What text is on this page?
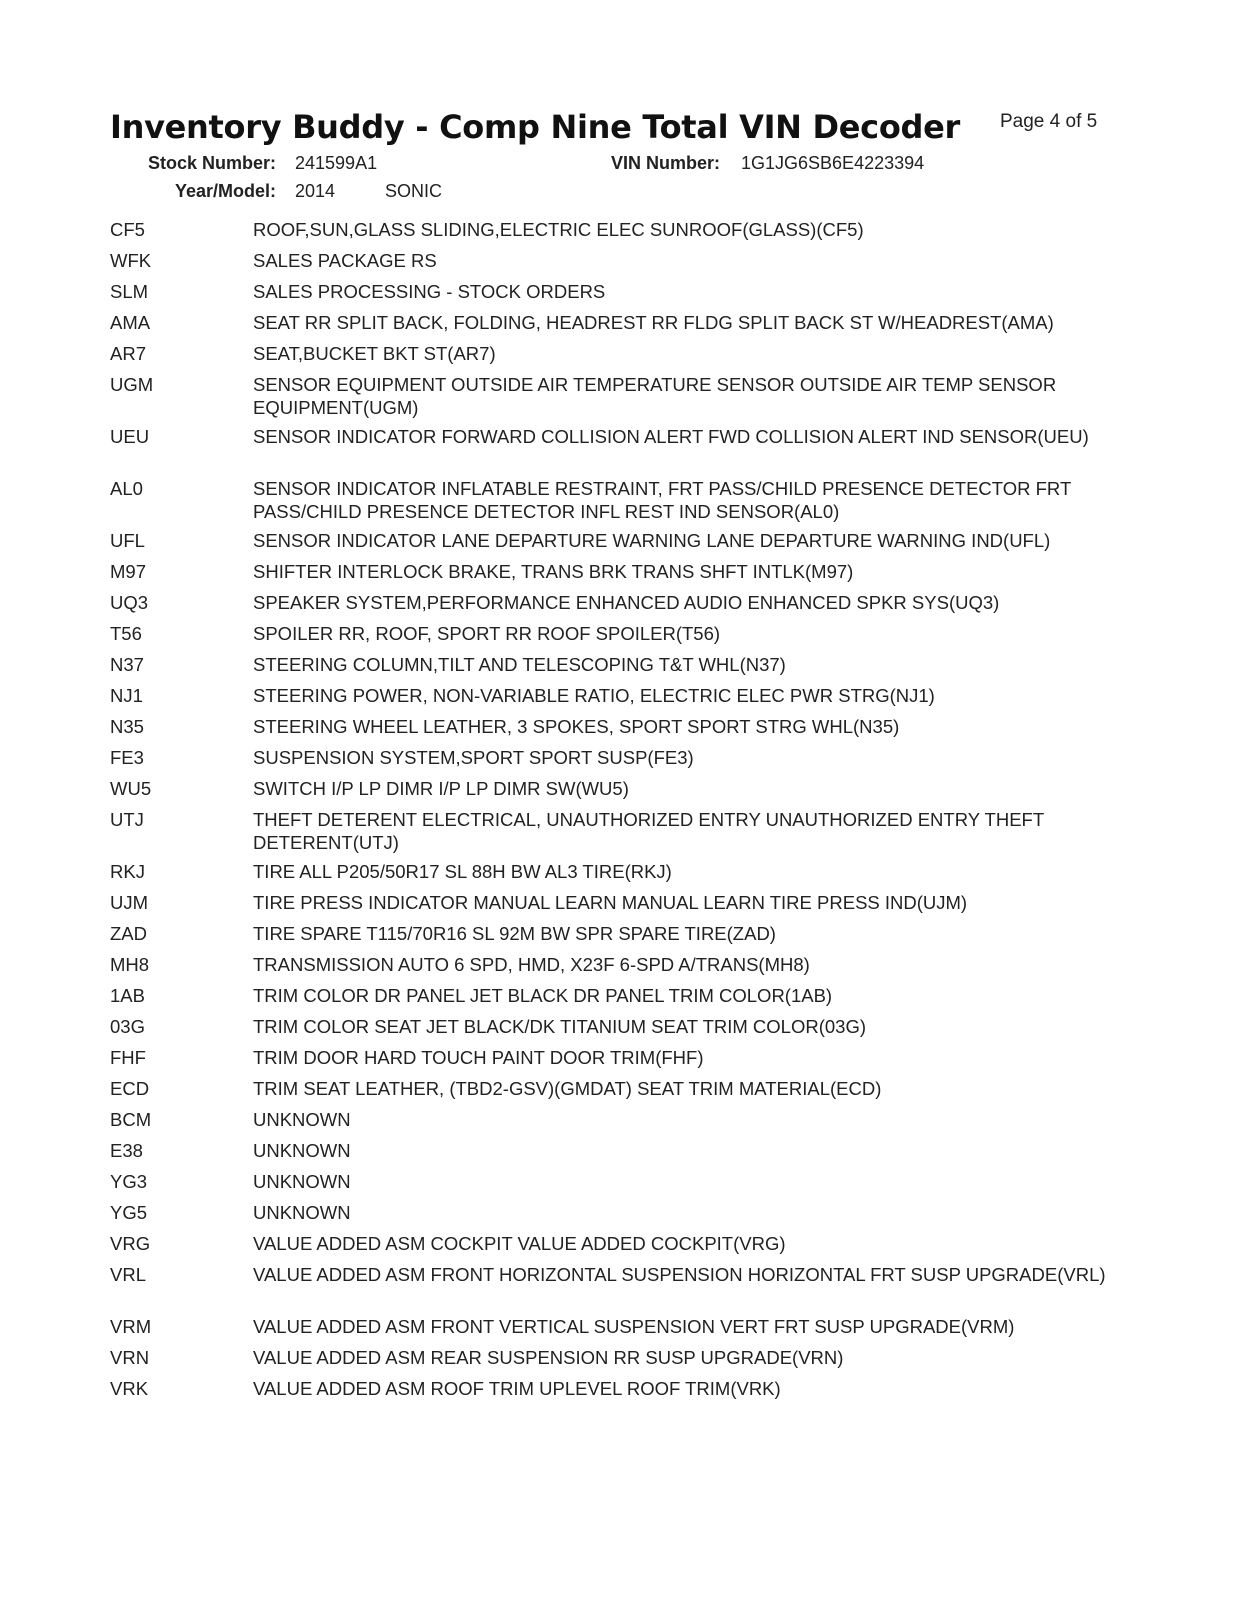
Inventory Buddy - Comp Nine Total VIN Decoder Page 4 of 5
Stock Number: 241599A1	VIN Number: 1G1JG6SB6E4223394
Year/Model: 2014	SONIC
CF5	ROOF,SUN,GLASS SLIDING,ELECTRIC ELEC SUNROOF(GLASS)(CF5)
WFK	SALES PACKAGE RS
SLM	SALES PROCESSING - STOCK ORDERS
AMA	SEAT RR SPLIT BACK, FOLDING, HEADREST RR FLDG SPLIT BACK ST W/HEADREST(AMA)
AR7	SEAT,BUCKET BKT ST(AR7)
UGM	SENSOR EQUIPMENT OUTSIDE AIR TEMPERATURE SENSOR OUTSIDE AIR TEMP SENSOR EQUIPMENT(UGM)
UEU	SENSOR INDICATOR FORWARD COLLISION ALERT FWD COLLISION ALERT IND SENSOR(UEU)
AL0	SENSOR INDICATOR INFLATABLE RESTRAINT, FRT PASS/CHILD PRESENCE DETECTOR FRT PASS/CHILD PRESENCE DETECTOR INFL REST IND SENSOR(AL0)
UFL	SENSOR INDICATOR LANE DEPARTURE WARNING LANE DEPARTURE WARNING IND(UFL)
M97	SHIFTER INTERLOCK BRAKE, TRANS BRK TRANS SHFT INTLK(M97)
UQ3	SPEAKER SYSTEM,PERFORMANCE ENHANCED AUDIO ENHANCED SPKR SYS(UQ3)
T56	SPOILER RR, ROOF, SPORT RR ROOF SPOILER(T56)
N37	STEERING COLUMN,TILT AND TELESCOPING T&T WHL(N37)
NJ1	STEERING POWER, NON-VARIABLE RATIO, ELECTRIC ELEC PWR STRG(NJ1)
N35	STEERING WHEEL LEATHER, 3 SPOKES, SPORT SPORT STRG WHL(N35)
FE3	SUSPENSION SYSTEM,SPORT SPORT SUSP(FE3)
WU5	SWITCH I/P LP DIMR I/P LP DIMR SW(WU5)
UTJ	THEFT DETERENT ELECTRICAL, UNAUTHORIZED ENTRY UNAUTHORIZED ENTRY THEFT DETERENT(UTJ)
RKJ	TIRE ALL P205/50R17 SL 88H BW AL3 TIRE(RKJ)
UJM	TIRE PRESS INDICATOR MANUAL LEARN MANUAL LEARN TIRE PRESS IND(UJM)
ZAD	TIRE SPARE T115/70R16 SL 92M BW SPR SPARE TIRE(ZAD)
MH8	TRANSMISSION AUTO 6 SPD, HMD, X23F 6-SPD A/TRANS(MH8)
1AB	TRIM COLOR DR PANEL JET BLACK DR PANEL TRIM COLOR(1AB)
03G	TRIM COLOR SEAT JET BLACK/DK TITANIUM SEAT TRIM COLOR(03G)
FHF	TRIM DOOR HARD TOUCH PAINT DOOR TRIM(FHF)
ECD	TRIM SEAT LEATHER, (TBD2-GSV)(GMDAT) SEAT TRIM MATERIAL(ECD)
BCM	UNKNOWN
E38	UNKNOWN
YG3	UNKNOWN
YG5	UNKNOWN
VRG	VALUE ADDED ASM COCKPIT VALUE ADDED COCKPIT(VRG)
VRL	VALUE ADDED ASM FRONT HORIZONTAL SUSPENSION HORIZONTAL FRT SUSP UPGRADE(VRL)
VRM	VALUE ADDED ASM FRONT VERTICAL SUSPENSION VERT FRT SUSP UPGRADE(VRM)
VRN	VALUE ADDED ASM REAR SUSPENSION RR SUSP UPGRADE(VRN)
VRK	VALUE ADDED ASM ROOF TRIM UPLEVEL ROOF TRIM(VRK)
